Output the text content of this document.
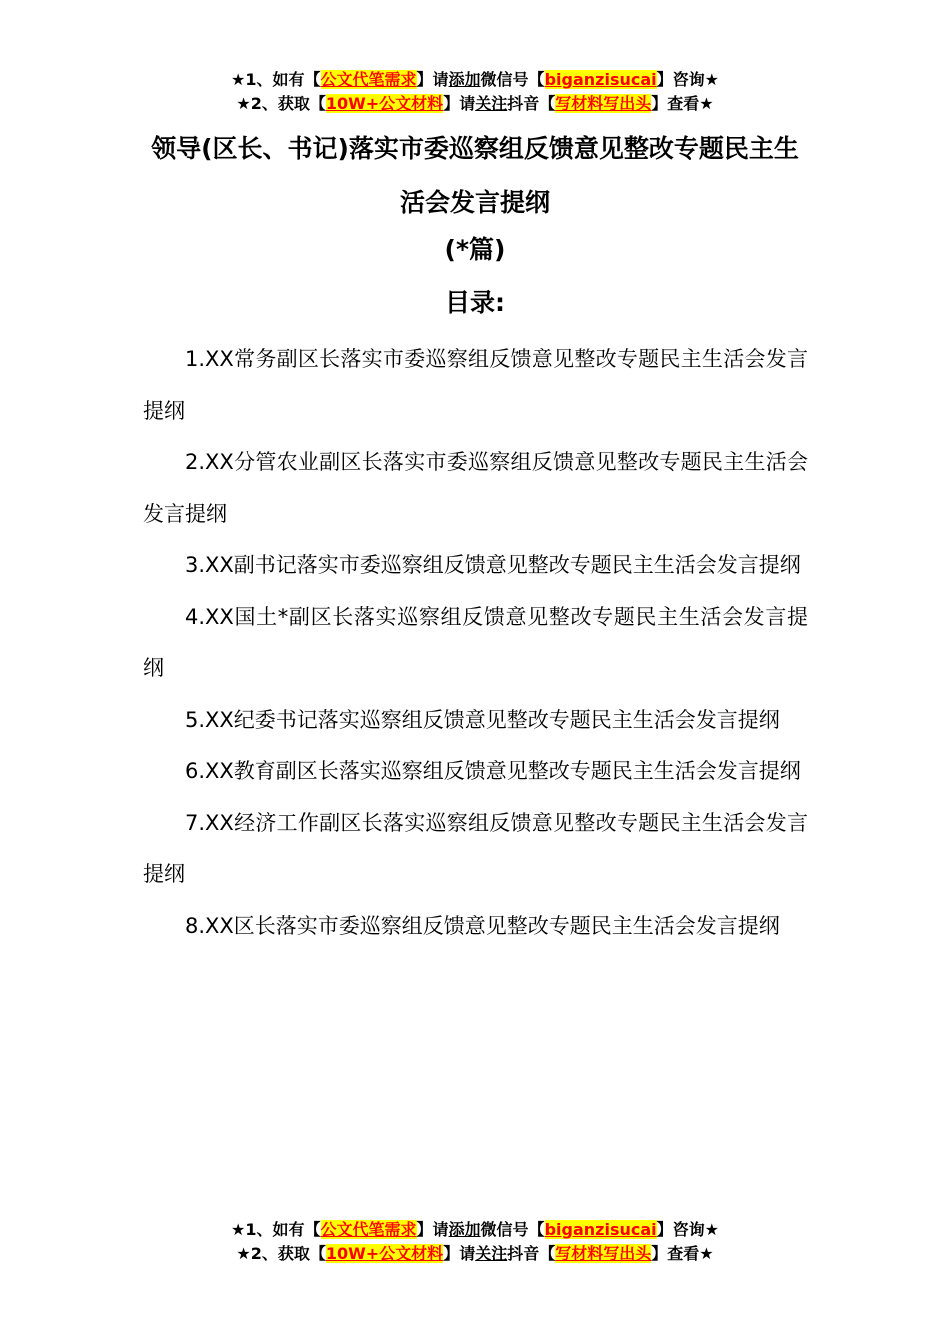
★1、如有【公文代笔需求】请添加微信号【biganzisucai】咨询★
★2、获取【10W+公文材料】请关注抖音【写材料写出头】查看★
领导(区长、书记)落实市委巡察组反馈意见整改专题民主生活会发言提纲
(*篇)
目录:
1.XX常务副区长落实市委巡察组反馈意见整改专题民主生活会发言提纲
2.XX分管农业副区长落实市委巡察组反馈意见整改专题民主生活会发言提纲
3.XX副书记落实市委巡察组反馈意见整改专题民主生活会发言提纲
4.XX国土*副区长落实巡察组反馈意见整改专题民主生活会发言提纲
5.XX纪委书记落实巡察组反馈意见整改专题民主生活会发言提纲
6.XX教育副区长落实巡察组反馈意见整改专题民主生活会发言提纲
7.XX经济工作副区长落实巡察组反馈意见整改专题民主生活会发言提纲
8.XX区长落实市委巡察组反馈意见整改专题民主生活会发言提纲
★1、如有【公文代笔需求】请添加微信号【biganzisucai】咨询★
★2、获取【10W+公文材料】请关注抖音【写材料写出头】查看★
